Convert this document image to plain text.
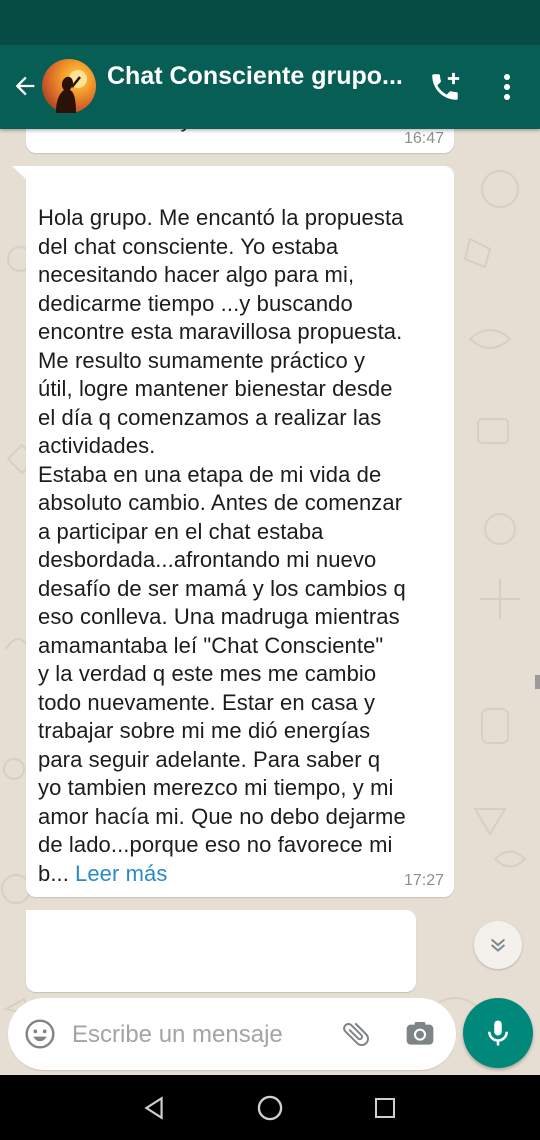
Chat Consciente grupo...
16:47
Hola grupo. Me encantó la propuesta
del chat consciente. Yo estaba
necesitando hacer algo para mi,
dedicarme tiempo ...y buscando
encontre esta maravillosa propuesta.
Me resulto sumamente práctico y
útil, logre mantener bienestar desde
el día q comenzamos a realizar las
actividades.
Estaba en una etapa de mi vida de
absoluto cambio. Antes de comenzar
a participar en el chat estaba
desbordada...afrontando mi nuevo
desafío de ser mamá y los cambios q
eso conlleva. Una madruga mientras
amamantaba leí "Chat Consciente"
y la verdad q este mes me cambio
todo nuevamente. Estar en casa y
trabajar sobre mi me dió energías
para seguir adelante. Para saber q
yo tambien merezco mi tiempo, y mi
amor hacía mi. Que no debo dejarme
de lado...porque eso no favorece mi
b... Leer más	17:27
Escribe un mensaje
